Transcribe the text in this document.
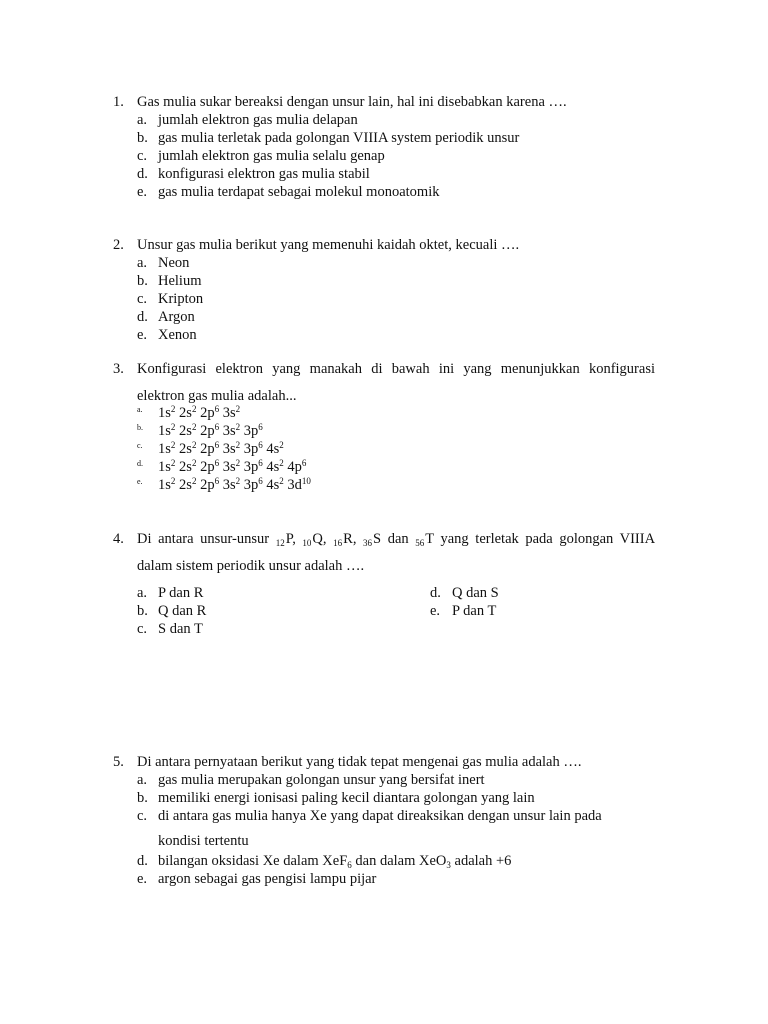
1. Gas mulia sukar bereaksi dengan unsur lain, hal ini disebabkan karena ….
a. jumlah elektron gas mulia delapan
b. gas mulia terletak pada golongan VIIIA system periodik unsur
c. jumlah elektron gas mulia selalu genap
d. konfigurasi elektron gas mulia stabil
e. gas mulia terdapat sebagai molekul monoatomik
2. Unsur gas mulia berikut yang memenuhi kaidah oktet, kecuali ….
a. Neon
b. Helium
c. Kripton
d. Argon
e. Xenon
3. Konfigurasi elektron yang manakah di bawah ini yang menunjukkan konfigurasi
elektron gas mulia adalah...
a. $1s^2$ $2s^2$ $2p^6$ $3s^2$
b. $1s^2$ $2s^2$ $2p^6$ $3s^2$ $3p^6$
c. $1s^2$ $2s^2$ $2p^6$ $3s^2$ $3p^6$ $4s^2$
d. $1s^2$ $2s^2$ $2p^6$ $3s^2$ $3p^6$ $4s^2$ $4p^6$
e. $1s^2$ $2s^2$ $2p^6$ $3s^2$ $3p^6$ $4s^2$ $3d^{10}$
4. Di antara unsur-unsur $_{12}$P, $_{10}$Q, $_{16}$R, $_{36}$S dan $_{56}$T yang terletak pada golongan VIIIA
dalam sistem periodik unsur adalah ….
a. P dan R
b. Q dan R
c. S dan T
d. Q dan S
e. P dan T
5. Di antara pernyataan berikut yang tidak tepat mengenai gas mulia adalah ….
a. gas mulia merupakan golongan unsur yang bersifat inert
b. memiliki energi ionisasi paling kecil diantara golongan yang lain
c. di antara gas mulia hanya Xe yang dapat direaksikan dengan unsur lain pada
kondisi tertentu
d. bilangan oksidasi Xe dalam XeF$_6$ dan dalam XeO$_3$ adalah +6
e. argon sebagai gas pengisi lampu pijar
